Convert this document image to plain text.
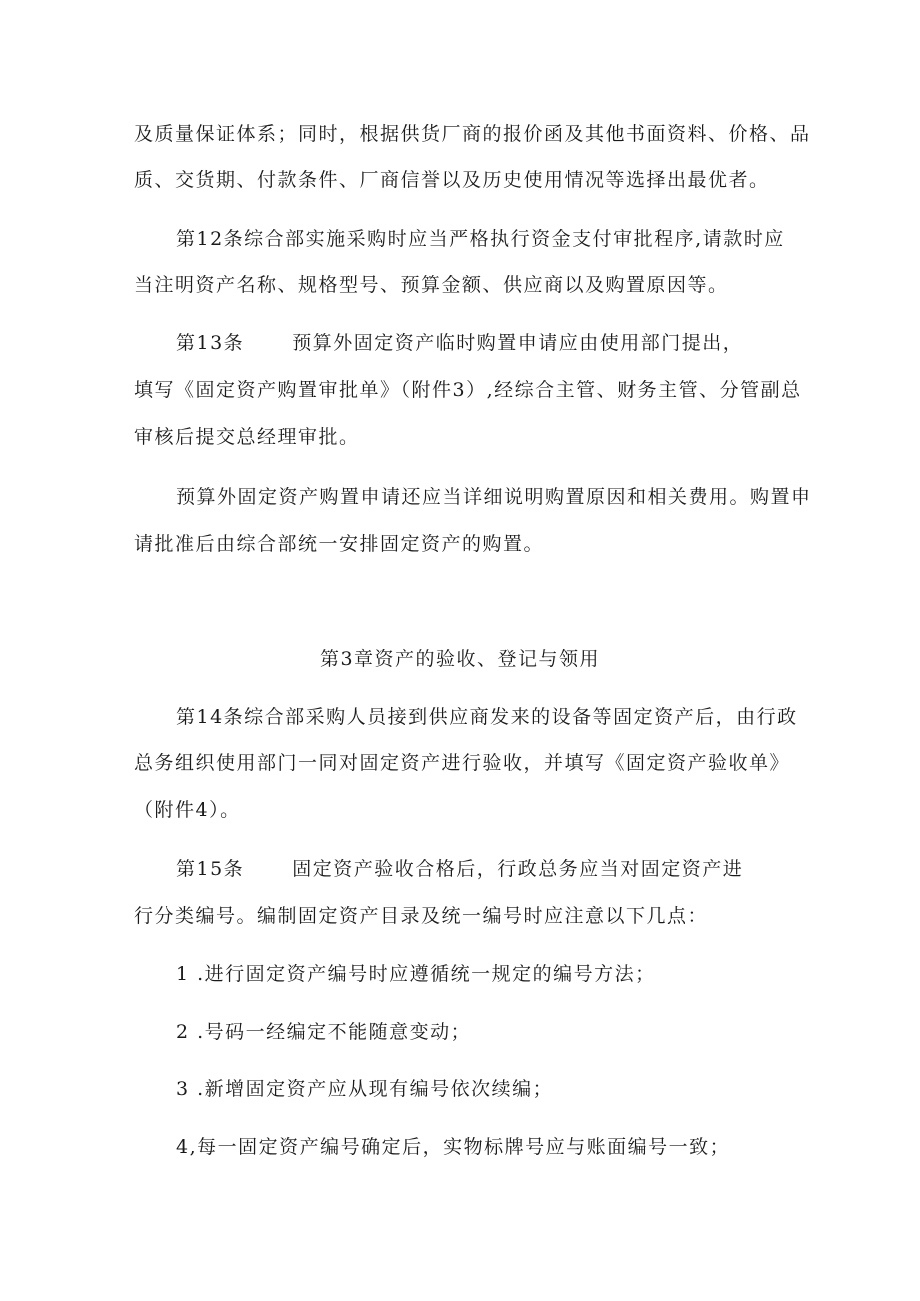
及质量保证体系；同时，根据供货厂商的报价函及其他书面资料、价格、品
质、交货期、付款条件、厂商信誉以及历史使用情况等选择出最优者。
第12条综合部实施采购时应当严格执行资金支付审批程序,请款时应
当注明资产名称、规格型号、预算金额、供应商以及购置原因等。
第13条	预算外固定资产临时购置申请应由使用部门提出，
填写《固定资产购置审批单》（附件3）,经综合主管、财务主管、分管副总
审核后提交总经理审批。
预算外固定资产购置申请还应当详细说明购置原因和相关费用。购置申
请批准后由综合部统一安排固定资产的购置。
第3章资产的验收、登记与领用
第14条综合部采购人员接到供应商发来的设备等固定资产后，由行政
总务组织使用部门一同对固定资产进行验收，并填写《固定资产验收单》
（附件4）。
第15条	固定资产验收合格后，行政总务应当对固定资产进
行分类编号。编制固定资产目录及统一编号时应注意以下几点：
1 .进行固定资产编号时应遵循统一规定的编号方法；
2 .号码一经编定不能随意变动；
3 .新增固定资产应从现有编号依次续编；
4,每一固定资产编号确定后，实物标牌号应与账面编号一致；
